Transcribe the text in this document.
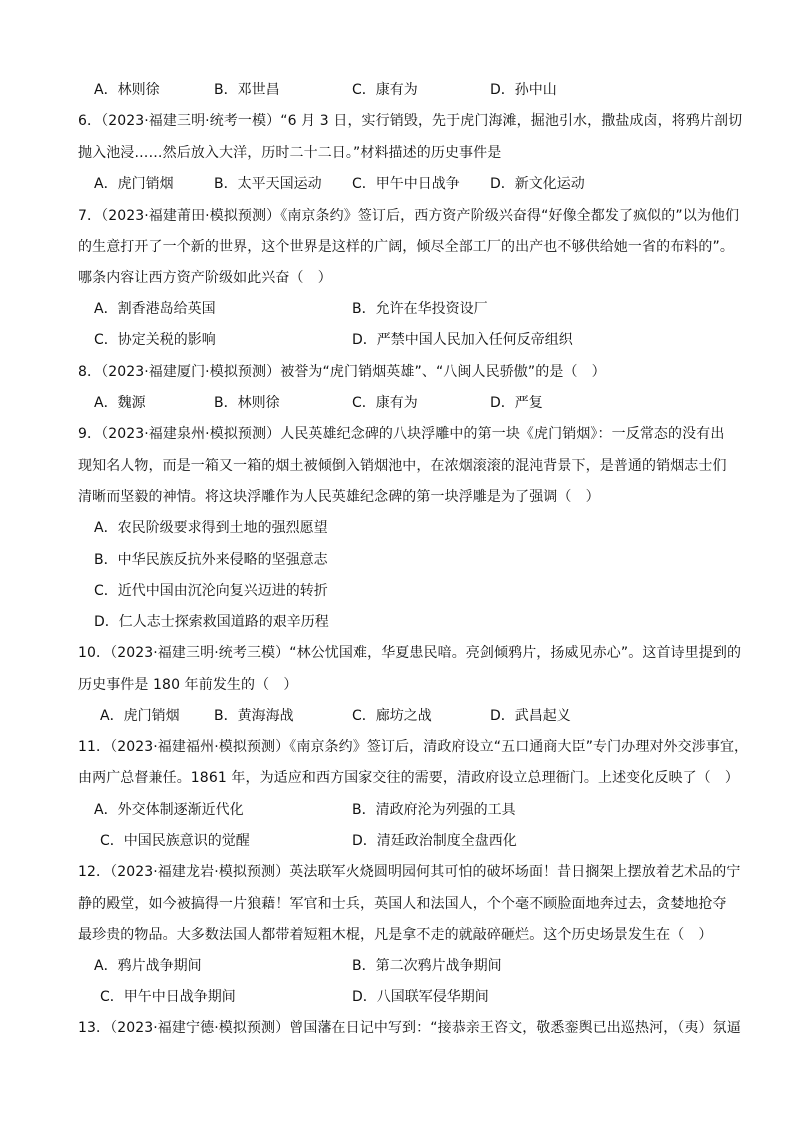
A．林则徐	B．邓世昌	C．康有为	D．孙中山
6．（2023·福建三明·统考一模）“6 月 3 日，实行销毁，先于虎门海滩，掘池引水，撒盐成卤，将鸦片剖切
抛入池浸……然后放入大洋，历时二十二日。”材料描述的历史事件是
A．虎门销烟	B．太平天国运动 C．甲午中日战争 D．新文化运动
7．（2023·福建莆田·模拟预测）《南京条约》签订后，西方资产阶级兴奋得“好像全都发了疯似的”以为他们
的生意打开了一个新的世界，这个世界是这样的广阔，倾尽全部工厂的出产也不够供给她一省的布料的”。
哪条内容让西方资产阶级如此兴奋（　）
A．割香港岛给英国	B．允许在华投资设厂
C．协定关税的影响	D．严禁中国人民加入任何反帝组织
8．（2023·福建厦门·模拟预测）被誉为“虎门销烟英雄”、“八闽人民骄傲”的是（　）
A．魏源	B．林则徐	C．康有为	D．严复
9．（2023·福建泉州·模拟预测）人民英雄纪念碑的八块浮雕中的第一块《虎门销烟》：一反常态的没有出
现知名人物，而是一箱又一箱的烟土被倾倒入销烟池中，在浓烟滚滚的混沌背景下，是普通的销烟志士们
清晰而坚毅的神情。将这块浮雕作为人民英雄纪念碑的第一块浮雕是为了强调（　）
A．农民阶级要求得到土地的强烈愿望
B．中华民族反抗外来侵略的坚强意志
C．近代中国由沉沦向复兴迈进的转折
D．仁人志士探索救国道路的艰辛历程
10．（2023·福建三明·统考三模）“林公忧国难，华夏患民喑。亮剑倾鸦片，扬威见赤心”。这首诗里提到的
历史事件是 180 年前发生的（　）
A．虎门销烟 B．黄海海战	C．廊坊之战	D．武昌起义
11．（2023·福建福州·模拟预测）《南京条约》签订后，清政府设立“五口通商大臣”专门办理对外交涉事宜，
由两广总督兼任。1861 年，为适应和西方国家交往的需要，清政府设立总理衙门。上述变化反映了（　）
A．外交体制逐渐近代化	B．清政府沦为列强的工具
C．中国民族意识的觉醒	D．清廷政治制度全盘西化
12．（2023·福建龙岩·模拟预测）英法联军火烧圆明园何其可怕的破坏场面！昔日搁架上摆放着艺术品的宁
静的殿堂，如今被搞得一片狼藉！军官和士兵，英国人和法国人，个个毫不顾脸面地奔过去，贪婪地抢夺
最珍贵的物品。大多数法国人都带着短粗木棍，凡是拿不走的就敲碎砸烂。这个历史场景发生在（　）
A．鸦片战争期间	B．第二次鸦片战争期间
C．甲午中日战争期间	D．八国联军侵华期间
13．（2023·福建宁德·模拟预测）曾国藩在日记中写到：“接恭亲王咨文，敬悉銮舆已出巡热河，（夷）氛逼
